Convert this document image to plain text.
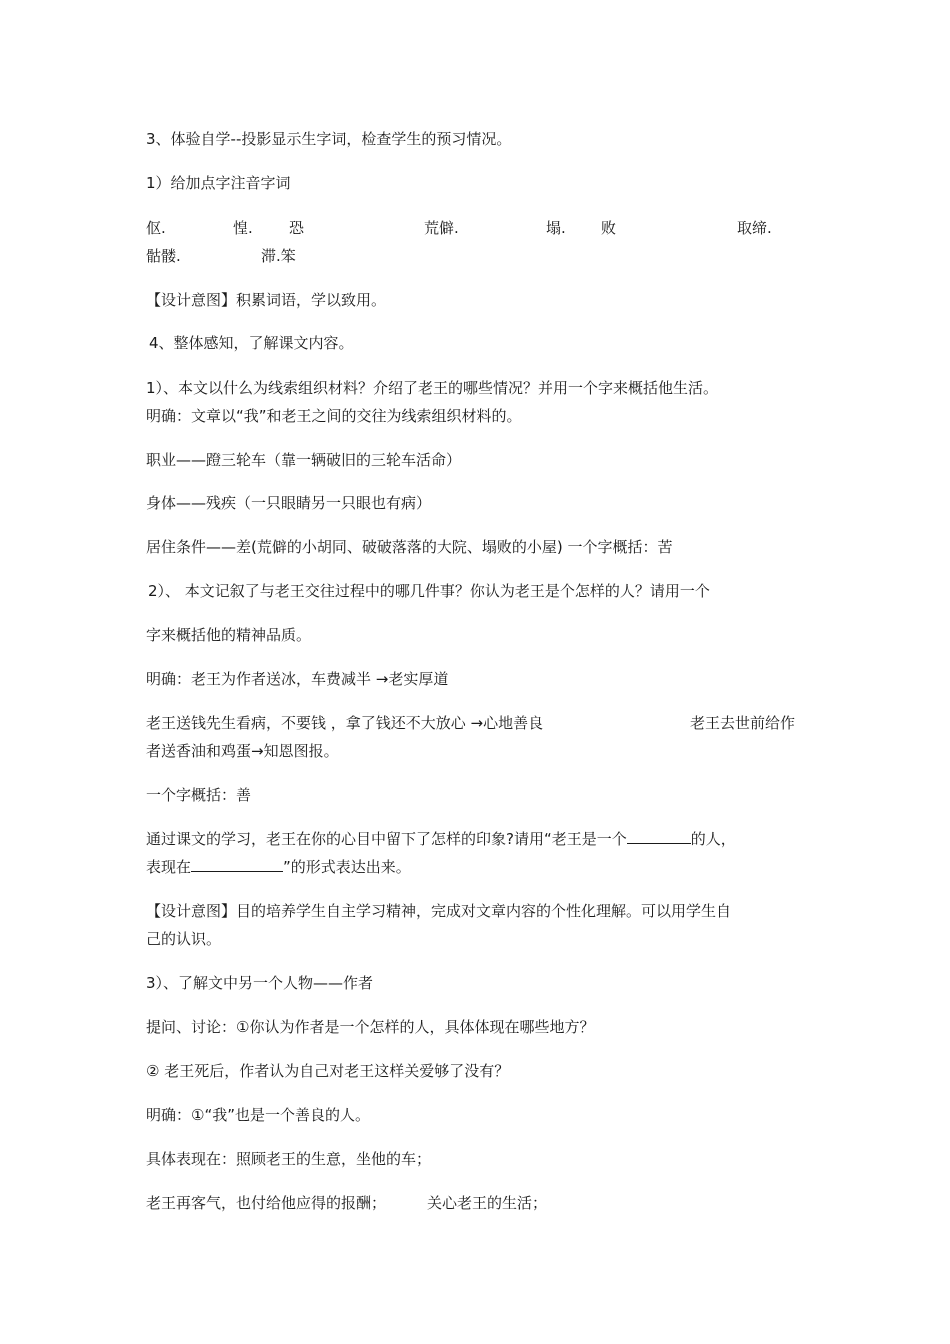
3、体验自学--投影显示生字词，检查学生的预习情况。
1）给加点字注音字词
伛.	惶. 恐	荒僻.	塌. 败	取缔.
骷髅.	滞.笨
【设计意图】积累词语，学以致用。
4、整体感知，了解课文内容。
1）、本文以什么为线索组织材料？介绍了老王的哪些情况？并用一个字来概括他生活。
明确：文章以“我”和老王之间的交往为线索组织材料的。
职业——蹬三轮车（靠一辆破旧的三轮车活命）
身体——残疾（一只眼睛另一只眼也有病）
居住条件——差(荒僻的小胡同、破破落落的大院、塌败的小屋) 一个字概括：苦
2）、 本文记叙了与老王交往过程中的哪几件事？你认为老王是个怎样的人？请用一个
字来概括他的精神品质。
明确：老王为作者送冰，车费减半 →老实厚道
老王送钱先生看病，不要钱 ，拿了钱还不大放心 →心地善良	老王去世前给作
者送香油和鸡蛋→知恩图报。
一个字概括：善
通过课文的学习，老王在你的心目中留下了怎样的印象?请用“老王是一个	的人，
表现在	”的形式表达出来。
【设计意图】目的培养学生自主学习精神，完成对文章内容的个性化理解。可以用学生自
己的认识。
3）、了解文中另一个人物——作者
提问、讨论：①你认为作者是一个怎样的人，具体体现在哪些地方？
② 老王死后，作者认为自己对老王这样关爱够了没有？
明确：①“我”也是一个善良的人。
具体表现在：照顾老王的生意，坐他的车；
老王再客气，也付给他应得的报酬；	关心老王的生活；
